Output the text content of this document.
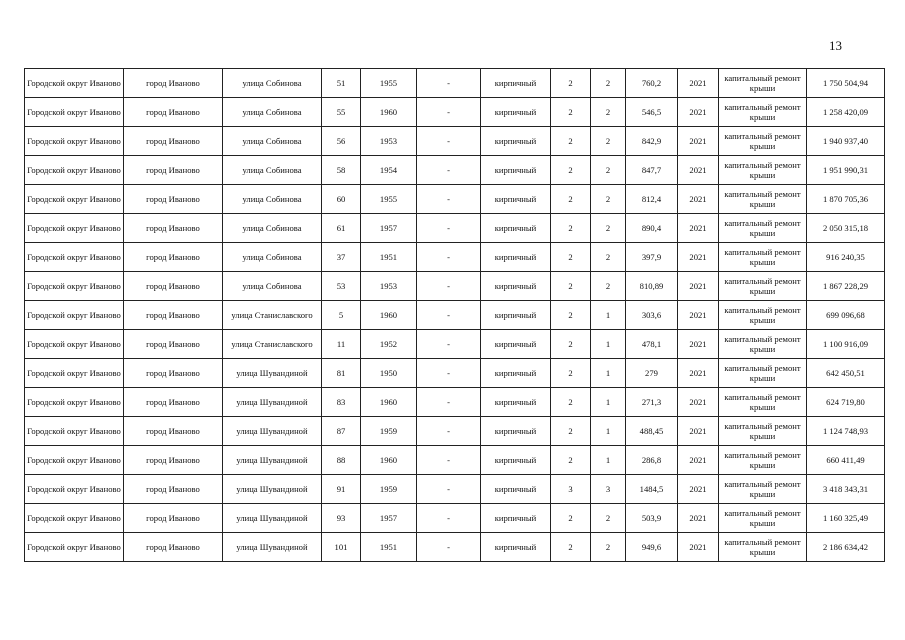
13
Городской округ Иваново	город Иваново	улица Собинова	51	1955	-	кирпичный	2	2	760,2	2021	капитальный ремонт крыши	1 750 504,94
Городской округ Иваново	город Иваново	улица Собинова	55	1960	-	кирпичный	2	2	546,5	2021	капитальный ремонт крыши	1 258 420,09
Городской округ Иваново	город Иваново	улица Собинова	56	1953	-	кирпичный	2	2	842,9	2021	капитальный ремонт крыши	1 940 937,40
Городской округ Иваново	город Иваново	улица Собинова	58	1954	-	кирпичный	2	2	847,7	2021	капитальный ремонт крыши	1 951 990,31
Городской округ Иваново	город Иваново	улица Собинова	60	1955	-	кирпичный	2	2	812,4	2021	капитальный ремонт крыши	1 870 705,36
Городской округ Иваново	город Иваново	улица Собинова	61	1957	-	кирпичный	2	2	890,4	2021	капитальный ремонт крыши	2 050 315,18
Городской округ Иваново	город Иваново	улица Собинова	37	1951	-	кирпичный	2	2	397,9	2021	капитальный ремонт крыши	916 240,35
Городской округ Иваново	город Иваново	улица Собинова	53	1953	-	кирпичный	2	2	810,89	2021	капитальный ремонт крыши	1 867 228,29
Городской округ Иваново	город Иваново	улица Станиславского	5	1960	-	кирпичный	2	1	303,6	2021	капитальный ремонт крыши	699 096,68
Городской округ Иваново	город Иваново	улица Станиславского	11	1952	-	кирпичный	2	1	478,1	2021	капитальный ремонт крыши	1 100 916,09
Городской округ Иваново	город Иваново	улица Шувандиной	81	1950	-	кирпичный	2	1	279	2021	капитальный ремонт крыши	642 450,51
Городской округ Иваново	город Иваново	улица Шувандиной	83	1960	-	кирпичный	2	1	271,3	2021	капитальный ремонт крыши	624 719,80
Городской округ Иваново	город Иваново	улица Шувандиной	87	1959	-	кирпичный	2	1	488,45	2021	капитальный ремонт крыши	1 124 748,93
Городской округ Иваново	город Иваново	улица Шувандиной	88	1960	-	кирпичный	2	1	286,8	2021	капитальный ремонт крыши	660 411,49
Городской округ Иваново	город Иваново	улица Шувандиной	91	1959	-	кирпичный	3	3	1484,5	2021	капитальный ремонт крыши	3 418 343,31
Городской округ Иваново	город Иваново	улица Шувандиной	93	1957	-	кирпичный	2	2	503,9	2021	капитальный ремонт крыши	1 160 325,49
Городской округ Иваново	город Иваново	улица Шувандиной	101	1951	-	кирпичный	2	2	949,6	2021	капитальный ремонт крыши	2 186 634,42
